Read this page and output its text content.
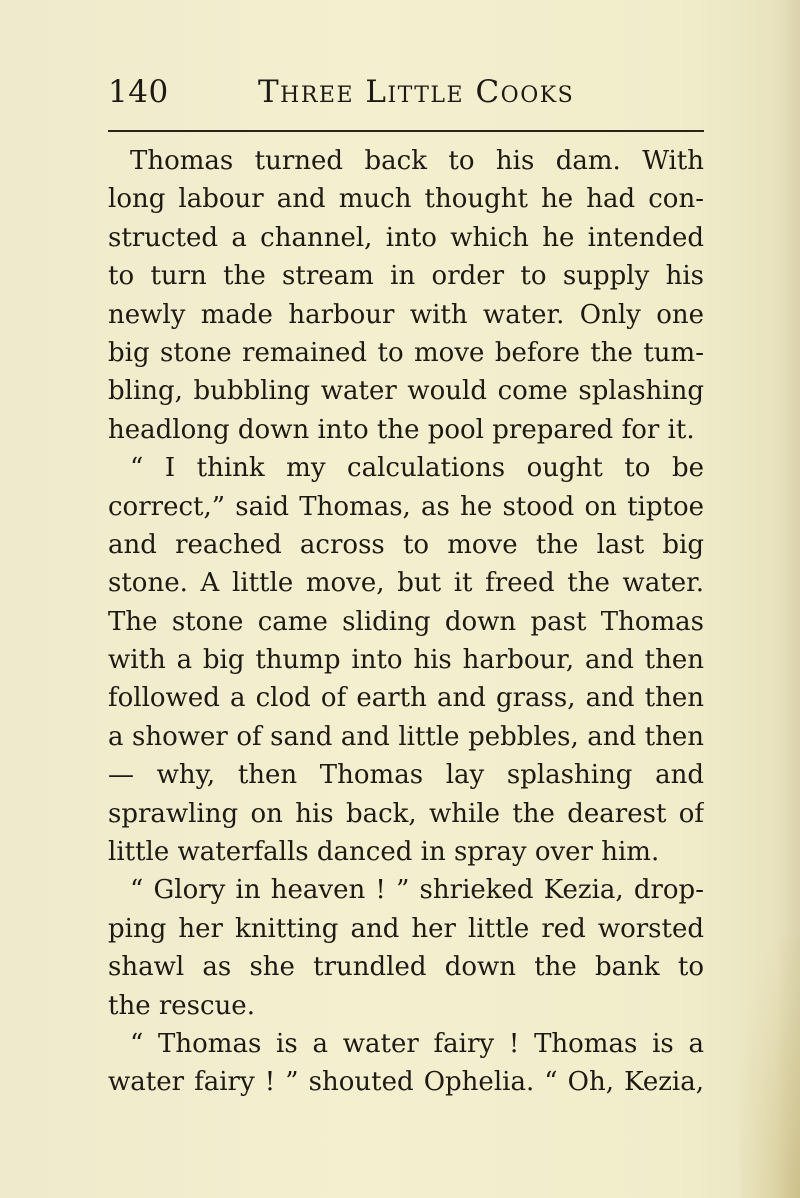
140	Three Little Cooks
Thomas turned back to his dam. With
long labour and much thought he had con-
structed a channel, into which he intended
to turn the stream in order to supply his
newly made harbour with water. Only one
big stone remained to move before the tum-
bling, bubbling water would come splashing
headlong down into the pool prepared for it.
“ I think my calculations ought to be
correct,” said Thomas, as he stood on tiptoe
and reached across to move the last big
stone. A little move, but it freed the water.
The stone came sliding down past Thomas
with a big thump into his harbour, and then
followed a clod of earth and grass, and then
a shower of sand and little pebbles, and then
— why, then Thomas lay splashing and
sprawling on his back, while the dearest of
little waterfalls danced in spray over him.
“ Glory in heaven ! ” shrieked Kezia, drop-
ping her knitting and her little red worsted
shawl as she trundled down the bank to
the rescue.
“ Thomas is a water fairy ! Thomas is a
water fairy ! ” shouted Ophelia. “ Oh, Kezia,
